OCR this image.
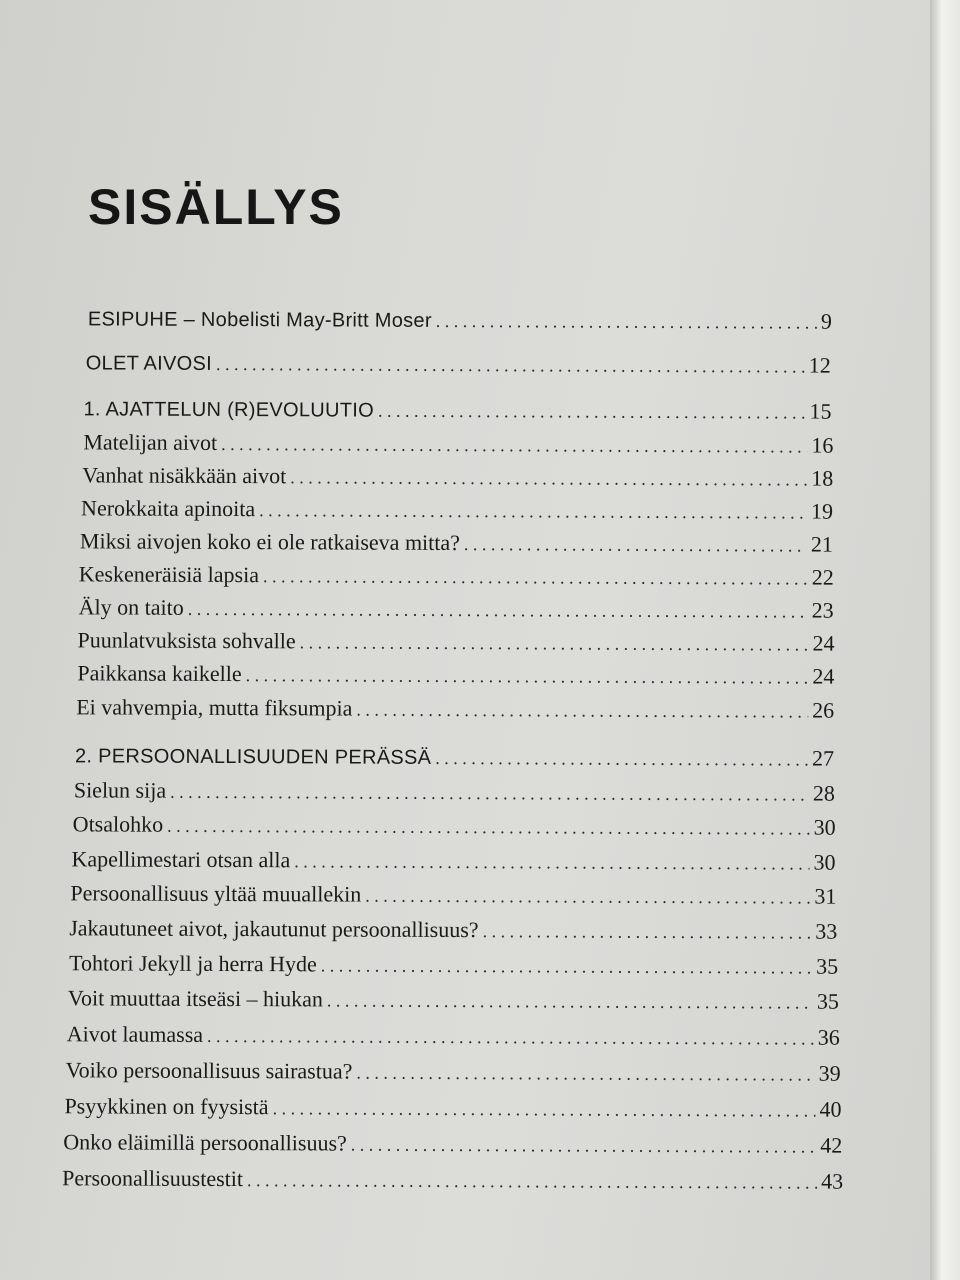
SISÄLLYS
ESIPUHE – Nobelisti May-Britt Moser . . .	9
OLET AIVOSI . . .	12
1. AJATTELUN (R)EVOLUUTIO . . .	15
Matelijan aivot . . .	16
Vanhat nisäkkään aivot . . .	18
Nerokkaita apinoita . . .	19
Miksi aivojen koko ei ole ratkaiseva mitta? . . .	21
Keskeneräisiä lapsia . . .	22
Äly on taito . . .	23
Puunlatvuksista sohvalle . . .	24
Paikkansa kaikelle . . .	24
Ei vahvempia, mutta fiksumpia . . .	26
2. PERSOONALLISUUDEN PERÄSSÄ . . .	27
Sielun sija . . .	28
Otsalohko . . .	30
Kapellimestari otsan alla . . .	30
Persoonallisuus yltää muuallekin . . .	31
Jakautuneet aivot, jakautunut persoonallisuus? . . .	33
Tohtori Jekyll ja herra Hyde . . .	35
Voit muuttaa itseäsi – hiukan . . .	35
Aivot laumassa . . .	36
Voiko persoonallisuus sairastua? . . .	39
Psyykkinen on fyysistä . . .	40
Onko eläimillä persoonallisuus? . . .	42
Persoonallisuustestit . . .	43
